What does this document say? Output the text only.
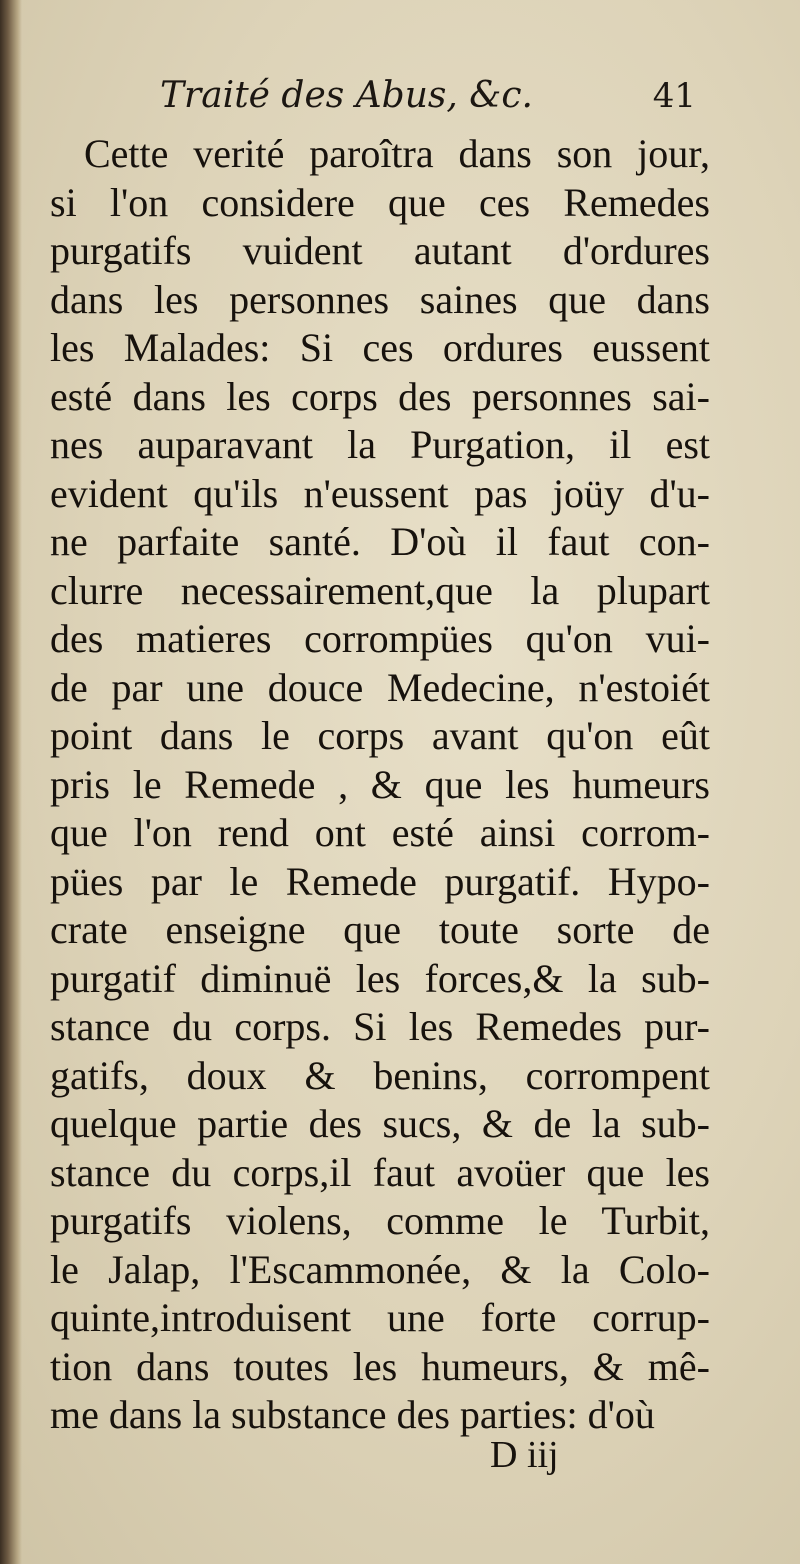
Traité des Abus, &c.	41
Cette verité paroîtra dans son jour,
si l'on considere que ces Remedes
purgatifs vuident autant d'ordures
dans les personnes saines que dans
les Malades: Si ces ordures eussent
esté dans les corps des personnes sai-
nes auparavant la Purgation, il est
evident qu'ils n'eussent pas joüy d'u-
ne parfaite santé. D'où il faut con-
clurre necessairement,que la plupart
des matieres corrompües qu'on vui-
de par une douce Medecine, n'estoiét
point dans le corps avant qu'on eût
pris le Remede , & que les humeurs
que l'on rend ont esté ainsi corrom-
pües par le Remede purgatif. Hypo-
crate enseigne que toute sorte de
purgatif diminuë les forces,& la sub-
stance du corps. Si les Remedes pur-
gatifs, doux & benins, corrompent
quelque partie des sucs, & de la sub-
stance du corps,il faut avoüer que les
purgatifs violens, comme le Turbit,
le Jalap, l'Escammonée, & la Colo-
quinte,introduisent une forte corrup-
tion dans toutes les humeurs, & mê-
me dans la substance des parties: d'où
D iij
